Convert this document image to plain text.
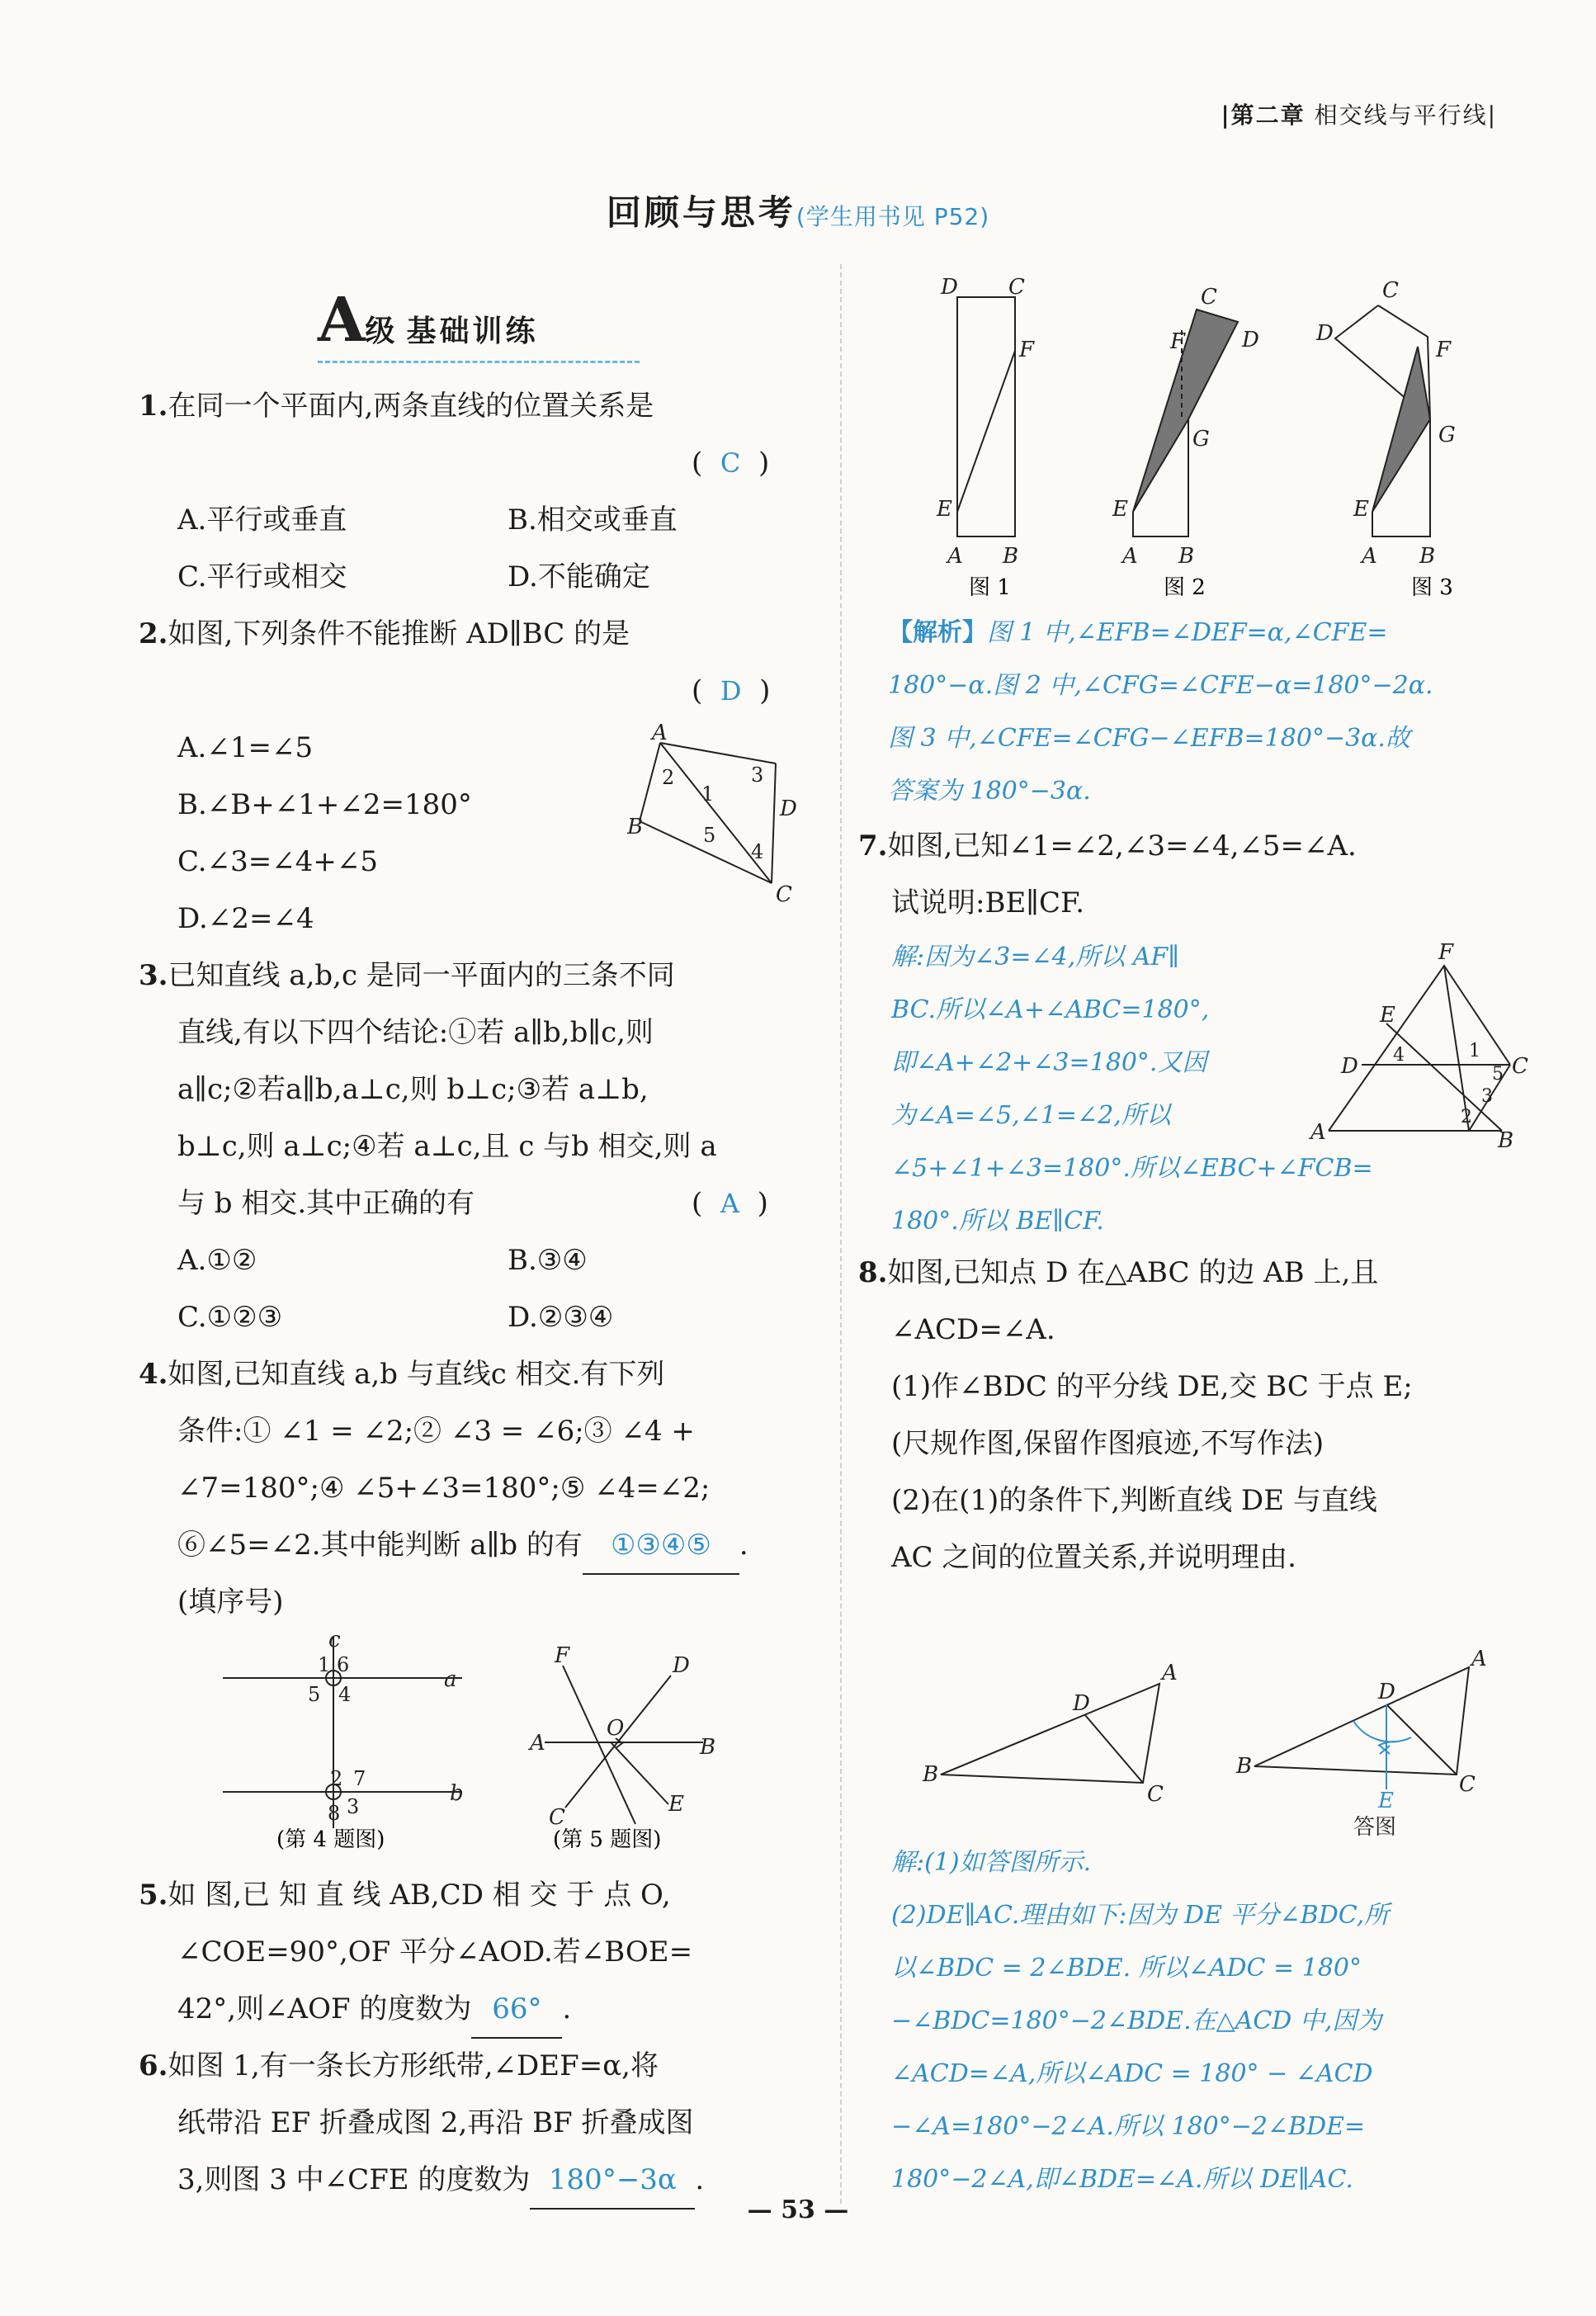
|第二章 相交线与平行线|
回顾与思考(学生用书见 P52)
A级 基础训练
1.在同一个平面内,两条直线的位置关系是
(  C  )
A.平行或垂直	B.相交或垂直
C.平行或相交	D.不能确定
2.如图,下列条件不能推断 AD∥BC 的是
(  D  )
A.∠1=∠5
B.∠B+∠1+∠2=180°
C.∠3=∠4+∠5
D.∠2=∠4
A
D
B
C
2
1
3
5
4
3.已知直线 a,b,c 是同一平面内的三条不同
直线,有以下四个结论:①若 a∥b,b∥c,则
a∥c;②若a∥b,a⊥c,则 b⊥c;③若 a⊥b,
b⊥c,则 a⊥c;④若 a⊥c,且 c 与b 相交,则 a
与 b 相交.其中正确的有	(  A  )
A.①②	B.③④
C.①②③	D.②③④
4.如图,已知直线 a,b 与直线c 相交.有下列
条件:① ∠1 = ∠2;② ∠3 = ∠6;③ ∠4 +
∠7=180°;④ ∠5+∠3=180°;⑤ ∠4=∠2;
⑥∠5=∠2.其中能判断 a∥b 的有 ①③④⑤ .
(填序号)
c
a
b
1 6
5 4
2 7
8 3
(第 4 题图)
F	D
A	B
O
C
E
(第 5 题图)
5.如 图,已 知 直 线 AB,CD 相 交 于 点 O,
∠COE=90°,OF 平分∠AOD.若∠BOE=
42°,则∠AOF 的度数为 66° .
6.如图 1,有一条长方形纸带,∠DEF=α,将
纸带沿 EF 折叠成图 2,再沿 BF 折叠成图
3,则图 3 中∠CFE 的度数为 180°−3α .
D C
F
E
A B
图 1
C
F	D
G
E
A B
图 2
C
D
F
G
E
A B
图 3
【解析】图 1 中,∠EFB=∠DEF=α,∠CFE=
180°−α.图 2 中,∠CFG=∠CFE−α=180°−2α.
图 3 中,∠CFE=∠CFG−∠EFB=180°−3α.故
答案为 180°−3α.
7.如图,已知∠1=∠2,∠3=∠4,∠5=∠A.
试说明:BE∥CF.
解:因为∠3=∠4,所以 AF∥
BC.所以∠A+∠ABC=180°,
即∠A+∠2+∠3=180°.又因
为∠A=∠5,∠1=∠2,所以
∠5+∠1+∠3=180°.所以∠EBC+∠FCB=
180°.所以 BE∥CF.
F
E
D	C
A	B
4	1
5
3
2
8.如图,已知点 D 在△ABC 的边 AB 上,且
∠ACD=∠A.
(1)作∠BDC 的平分线 DE,交 BC 于点 E;
(尺规作图,保留作图痕迹,不写作法)
(2)在(1)的条件下,判断直线 DE 与直线
AC 之间的位置关系,并说明理由.
A
D
B
C
A
D
B
C
E
答图
解:(1)如答图所示.
(2)DE∥AC.理由如下:因为 DE 平分∠BDC,所
以∠BDC = 2∠BDE. 所以∠ADC = 180°
−∠BDC=180°−2∠BDE.在△ACD 中,因为
∠ACD=∠A,所以∠ADC = 180° − ∠ACD
−∠A=180°−2∠A.所以 180°−2∠BDE=
180°−2∠A,即∠BDE=∠A.所以 DE∥AC.
— 53 —
